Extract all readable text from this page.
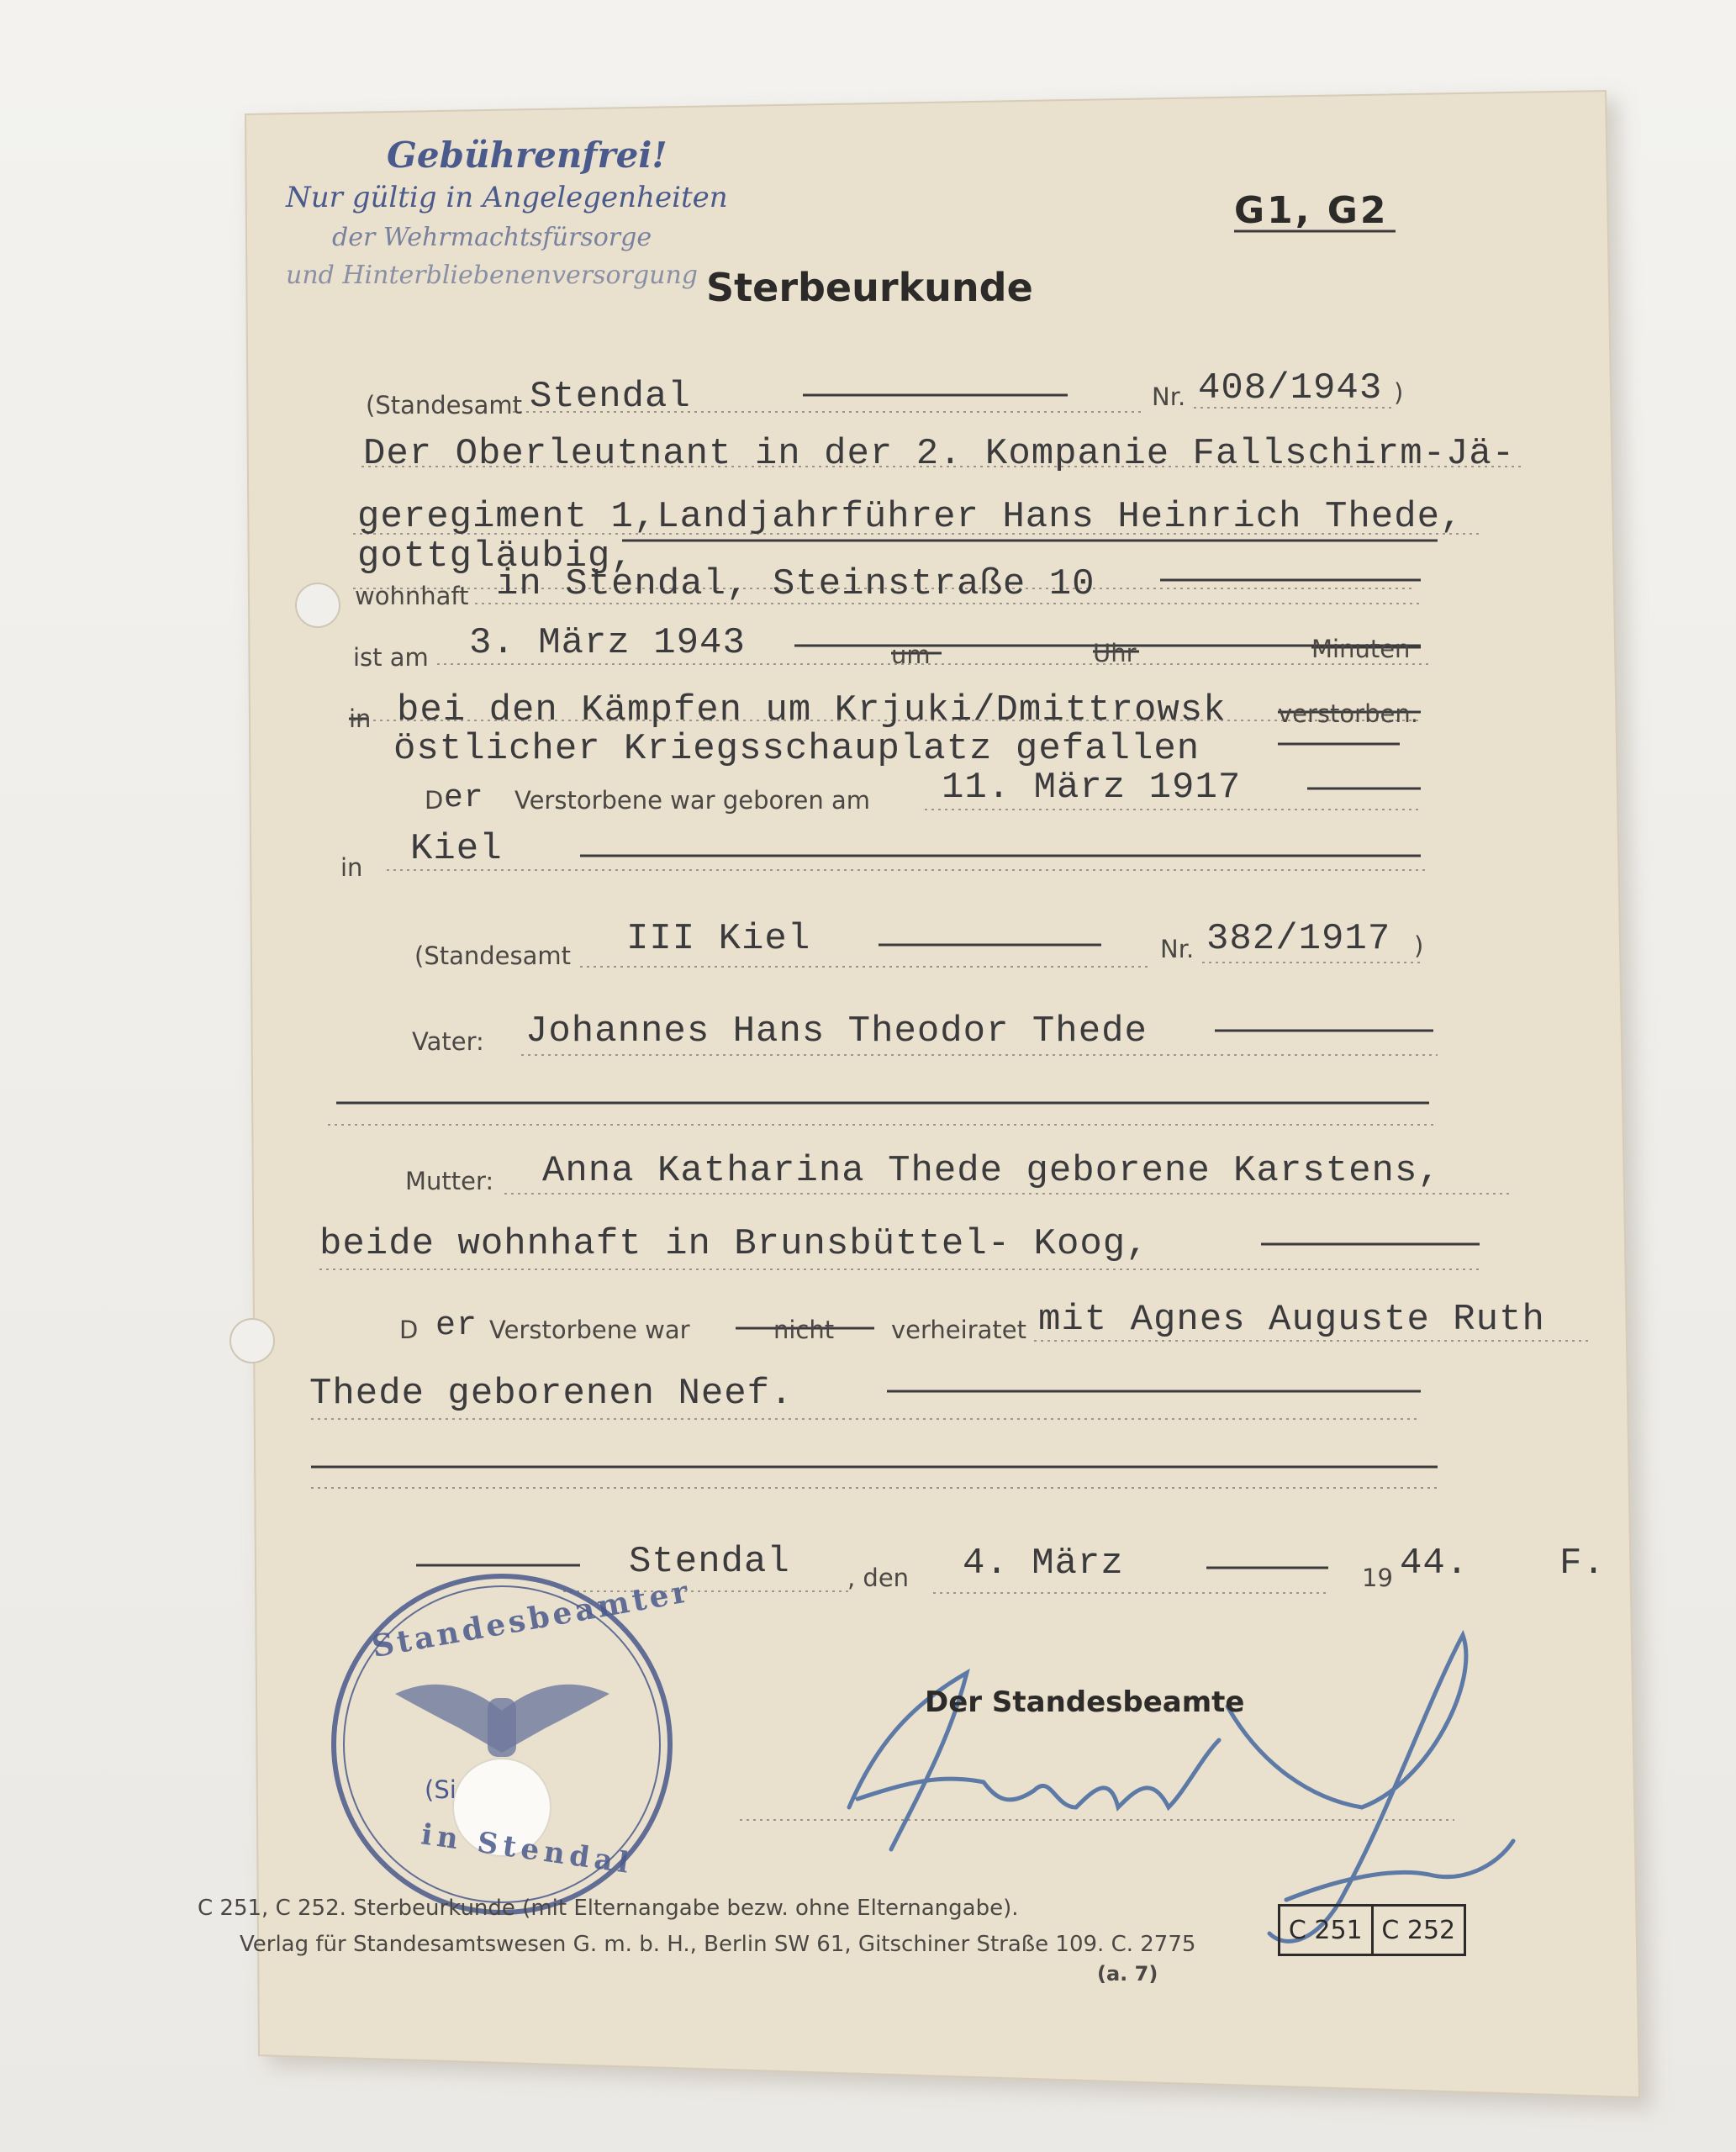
Gebührenfrei!
Nur gültig in Angelegenheiten
der Wehrmachtsfürsorge
und Hinterbliebenenversorgung
G1, G2
Sterbeurkunde
(Standesamt Stendal	Nr. 408/1943 )
Der Oberleutnant in der 2. Kompanie Fallschirm-Jä-
geregiment 1,Landjahrführer Hans Heinrich Thede,
gottgläubig,
wohnhaft in Stendal, Steinstraße 10
ist am 3. März 1943	um	Uhr	Minuten
in bei den Kämpfen um Krjuki/Dmittrowsk verstorben.
östlicher Kriegsschauplatz gefallen
D er Verstorbene war geboren am 11. März 1917
in Kiel
(Standesamt III Kiel	Nr. 382/1917 )
Vater: Johannes Hans Theodor Thede
Mutter: Anna Katharina Thede geborene Karstens,
beide wohnhaft in Brunsbüttel- Koog,
D er Verstorbene war	nicht verheiratet mit Agnes Auguste Ruth
Thede geborenen Neef.
Stendal , den 4. März	19 44. F.
Standesbeamter
in Stendal
(Si
Der Standesbeamte
C 251, C 252. Sterbeurkunde (mit Elternangabe bezw. ohne Elternangabe).
Verlag für Standesamtswesen G. m. b. H., Berlin SW 61, Gitschiner Straße 109. C. 2775
(a. 7)
C 251 C 252
